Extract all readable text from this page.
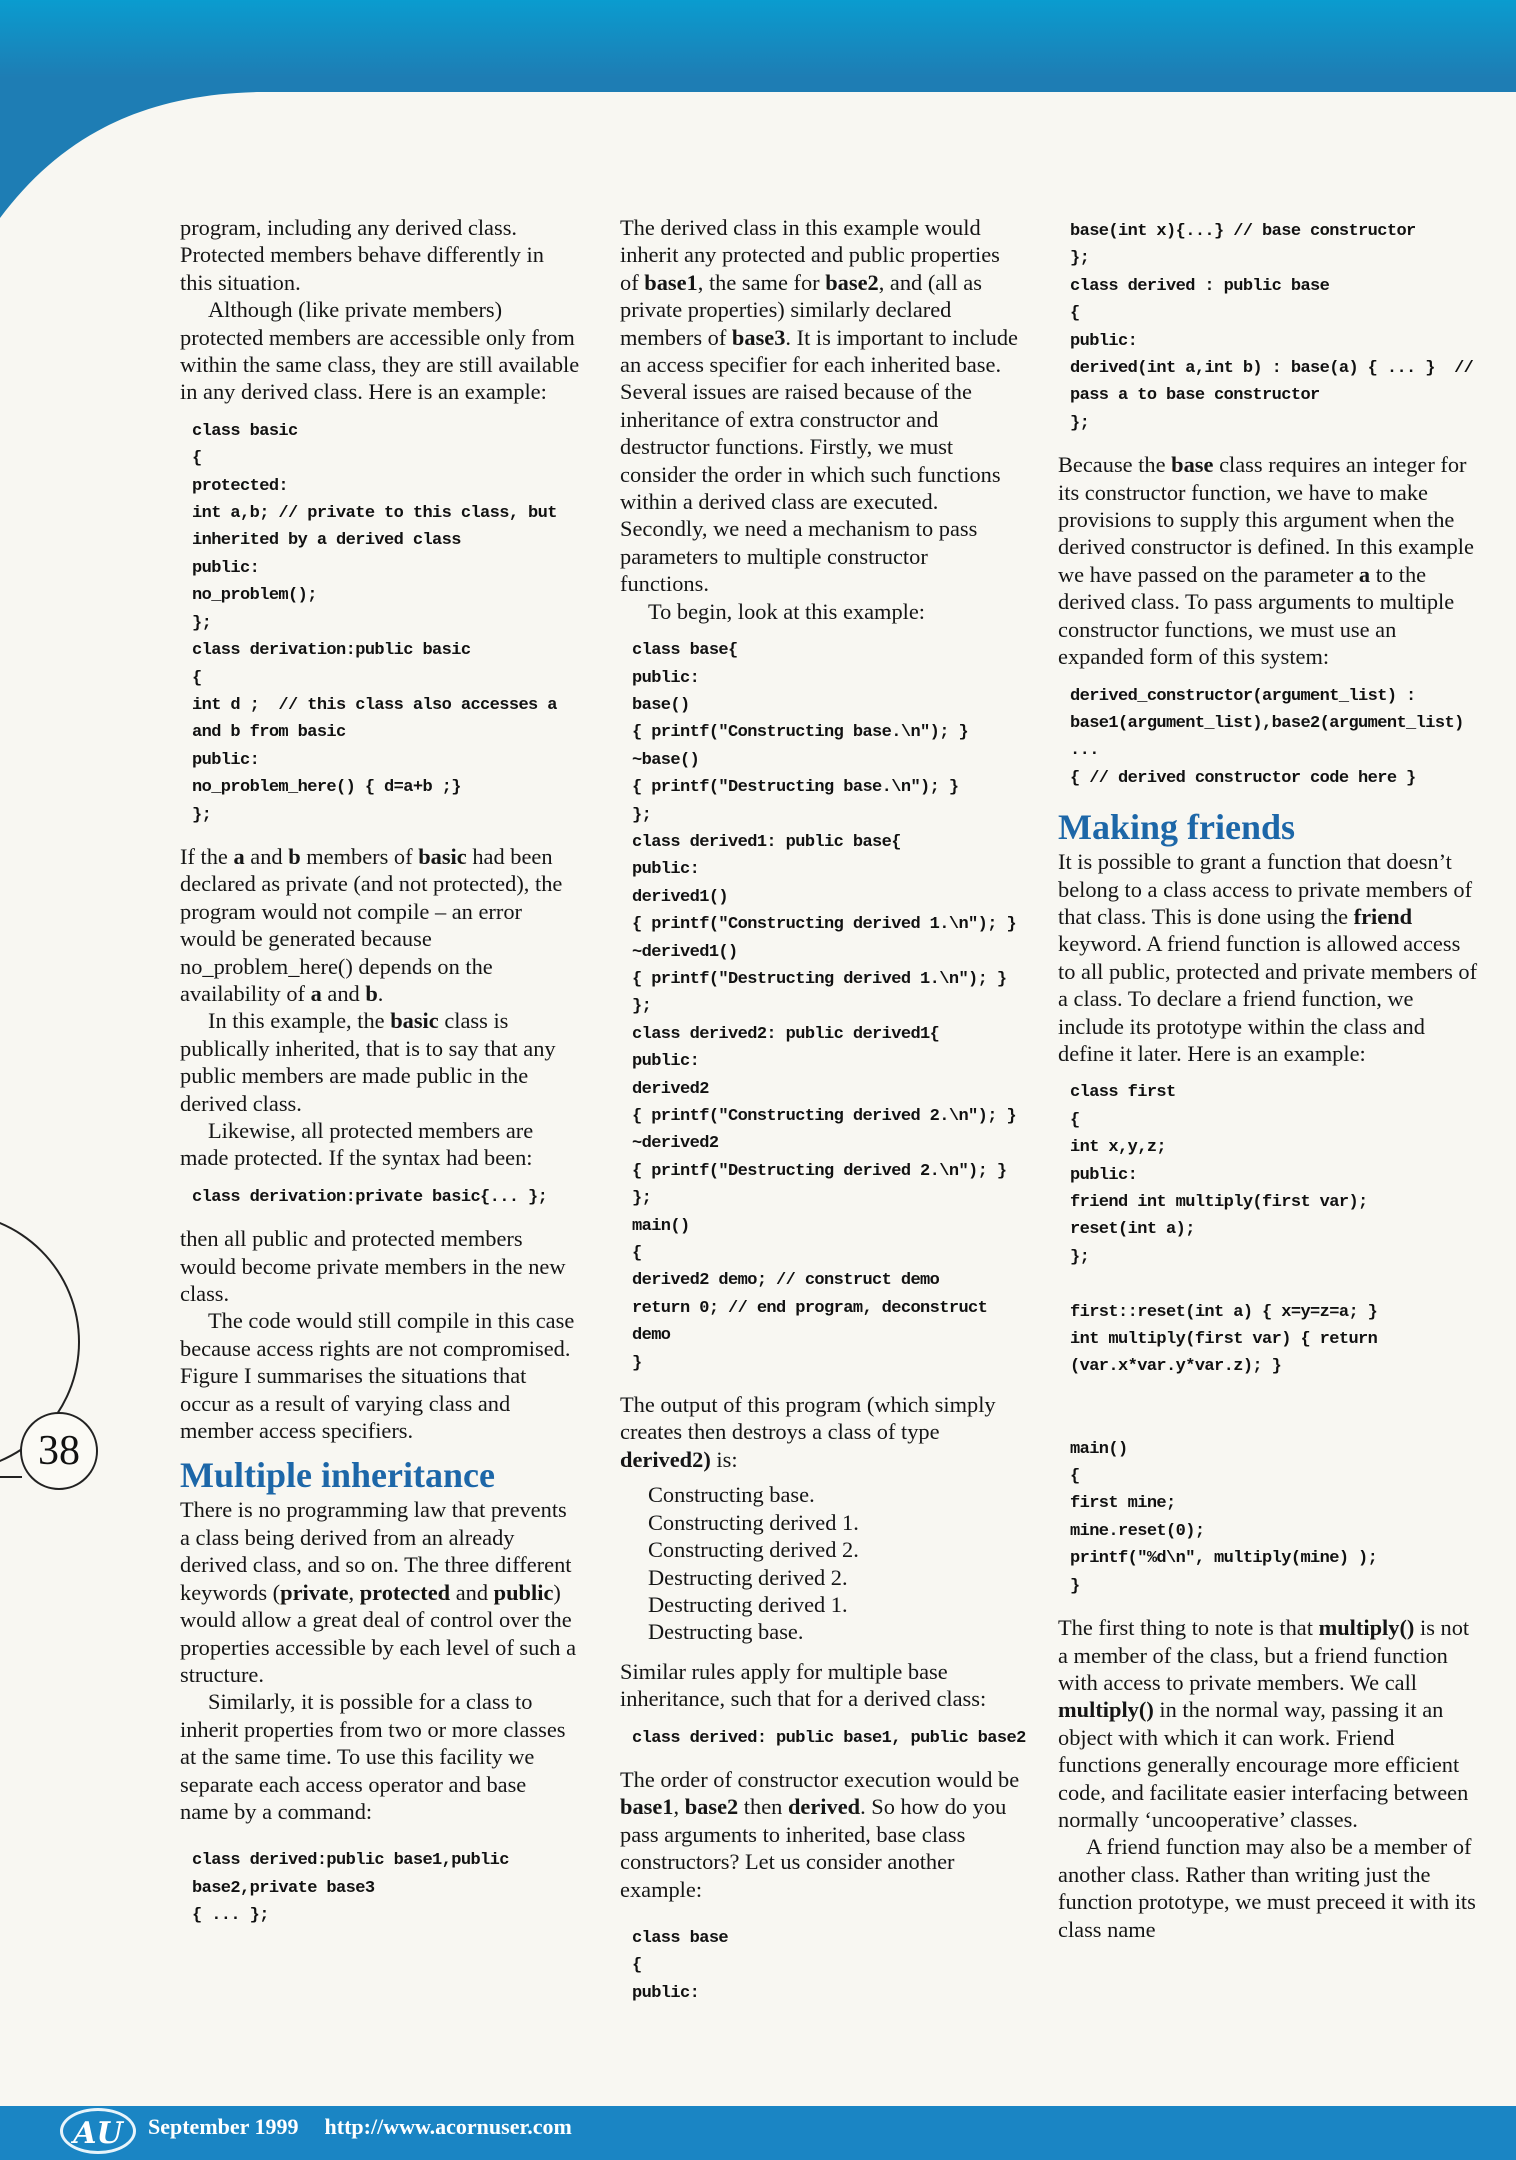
program, including any derived class. Protected members behave differently in this situation.

Although (like private members) protected members are accessible only from within the same class, they are still available in any derived class. Here is an example:

class basic
{
protected:
int a,b; // private to this class, but
inherited by a derived class
public:
no_problem();
};
class derivation:public basic
{
int d ;  // this class also accesses a
and b from basic
public:
no_problem_here() { d=a+b ;}
};

If the a and b members of basic had been declared as private (and not protected), the program would not compile – an error would be generated because no_problem_here() depends on the availability of a and b.

In this example, the basic class is publically inherited, that is to say that any public members are made public in the derived class.

Likewise, all protected members are made protected. If the syntax had been:

class derivation:private basic{... };

then all public and protected members would become private members in the new class.

The code would still compile in this case because access rights are not compromised. Figure I summarises the situations that occur as a result of varying class and member access specifiers.

Multiple inheritance

There is no programming law that prevents a class being derived from an already derived class, and so on. The three different keywords (private, protected and public) would allow a great deal of control over the properties accessible by each level of such a structure.

Similarly, it is possible for a class to inherit properties from two or more classes at the same time. To use this facility we separate each access operator and base name by a command:

class derived:public base1,public
base2,private base3
{ ... };

The derived class in this example would inherit any protected and public properties of base1, the same for base2, and (all as private properties) similarly declared members of base3. It is important to include an access specifier for each inherited base. Several issues are raised because of the inheritance of extra constructor and destructor functions. Firstly, we must consider the order in which such functions within a derived class are executed. Secondly, we need a mechanism to pass parameters to multiple constructor functions.

To begin, look at this example:

class base{
public:
base()
{ printf("Constructing base.\n"); }
~base()
{ printf("Destructing base.\n"); }
};
class derived1: public base{
public:
derived1()
{ printf("Constructing derived 1.\n"); }
~derived1()
{ printf("Destructing derived 1.\n"); }
};
class derived2: public derived1{
public:
derived2
{ printf("Constructing derived 2.\n"); }
~derived2
{ printf("Destructing derived 2.\n"); }
};
main()
{
derived2 demo; // construct demo
return 0; // end program, deconstruct
demo
}

The output of this program (which simply creates then destroys a class of type derived2) is:

Constructing base.
Constructing derived 1.
Constructing derived 2.
Destructing derived 2.
Destructing derived 1.
Destructing base.

Similar rules apply for multiple base inheritance, such that for a derived class:

class derived: public base1, public base2

The order of constructor execution would be base1, base2 then derived. So how do you pass arguments to inherited, base class constructors? Let us consider another example:

class base
{
public:
base(int x){...} // base constructor
};
class derived : public base
{
public:
derived(int a,int b) : base(a) { ... }  //
pass a to base constructor
};

Because the base class requires an integer for its constructor function, we have to make provisions to supply this argument when the derived constructor is defined. In this example we have passed on the parameter a to the derived class. To pass arguments to multiple constructor functions, we must use an expanded form of this system:

derived_constructor(argument_list) :
base1(argument_list),base2(argument_list)
...
{ // derived constructor code here }
Making friends

It is possible to grant a function that doesn’t belong to a class access to private members of that class. This is done using the friend keyword. A friend function is allowed access to all public, protected and private members of a class. To declare a friend function, we include its prototype within the class and define it later. Here is an example:

class first
{
int x,y,z;
public:
friend int multiply(first var);
reset(int a);
};

first::reset(int a) { x=y=z=a; }
int multiply(first var) { return
(var.x*var.y*var.z); }

main()
{
first mine;
mine.reset(0);
printf("%d\n", multiply(mine) );
}

The first thing to note is that multiply() is not a member of the class, but a friend function with access to private members. We call multiply() in the normal way, passing it an object with which it can work. Friend functions generally encourage more efficient code, and facilitate easier interfacing between normally ‘uncooperative’ classes.

A friend function may also be a member of another class. Rather than writing just the function prototype, we must preceed it with its class name

38
AU	September 1999 http://www.acornuser.com
